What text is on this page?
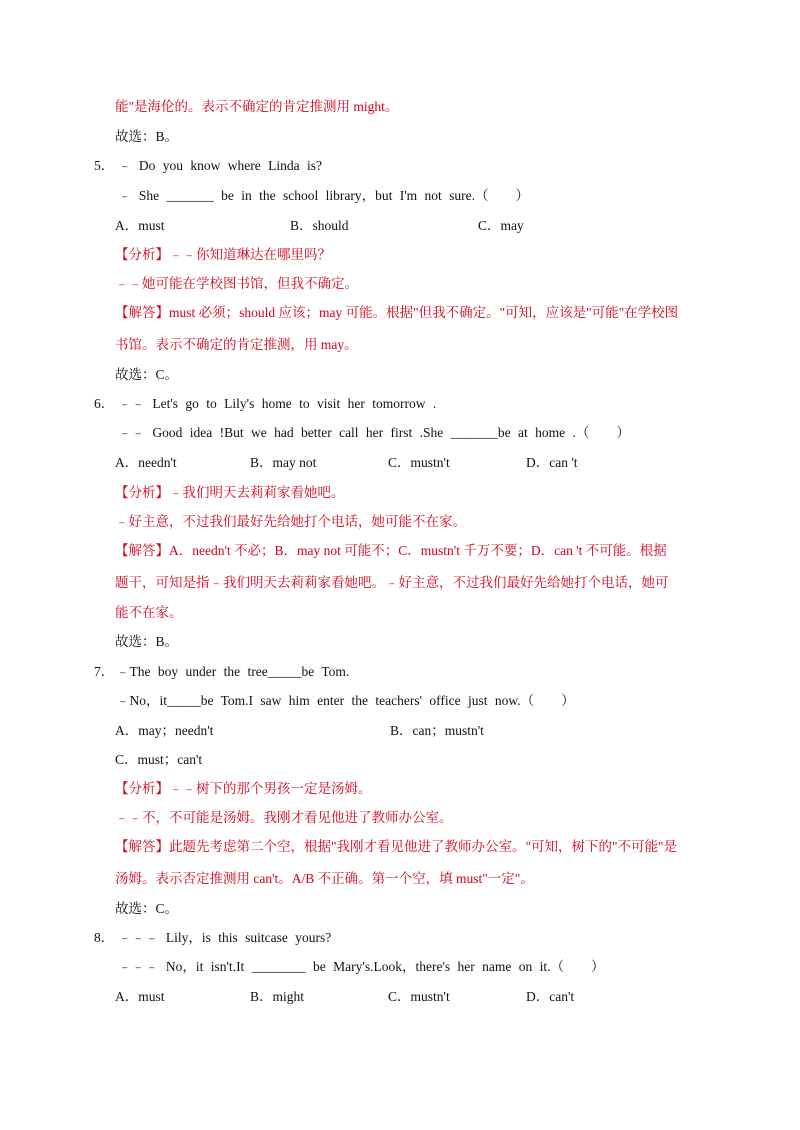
能"是海伦的。表示不确定的肯定推测用 might。
故选：B。
5． ﹣ Do you know where Linda is?
﹣ She _______ be in the school library，but I'm not sure.（　　）
A．must	B．should	C．may
【分析】﹣﹣你知道琳达在哪里吗？
﹣﹣她可能在学校图书馆，但我不确定。
【解答】must 必须；should 应该；may 可能。根据"但我不确定。"可知，应该是"可能"在学校图
书馆。表示不确定的肯定推测，用 may。
故选：C。
6． ﹣﹣ Let's go to Lily's home to visit her tomorrow .
﹣﹣ Good idea !But we had better call her first .She _______be at home .（　　）
A．needn't	B．may not	C．mustn't	D．can 't
【分析】﹣我们明天去莉莉家看她吧。
﹣好主意，不过我们最好先给她打个电话，她可能不在家。
【解答】A．needn't 不必；B．may not 可能不；C．mustn't 千万不要；D．can 't 不可能。根据
题干，可知是指﹣我们明天去莉莉家看她吧。﹣好主意，不过我们最好先给她打个电话，她可
能不在家。
故选：B。
7． ﹣The boy under the tree_____be Tom.
﹣No，it_____be Tom.I saw him enter the teachers' office just now.（　　）
A．may；needn't	B．can；mustn't
C．must；can't
【分析】﹣﹣树下的那个男孩一定是汤姆。
﹣﹣不，不可能是汤姆。我刚才看见他进了教师办公室。
【解答】此题先考虑第二个空，根据"我刚才看见他进了教师办公室。"可知，树下的"不可能"是
汤姆。表示否定推测用 can't。A/B 不正确。第一个空，填 must"一定"。
故选：C。
8． ﹣﹣﹣ Lily，is this suitcase yours?
﹣﹣﹣ No，it isn't.It ________ be Mary's.Look，there's her name on it.（　　）
A．must	B．might	C．mustn't	D．can't
